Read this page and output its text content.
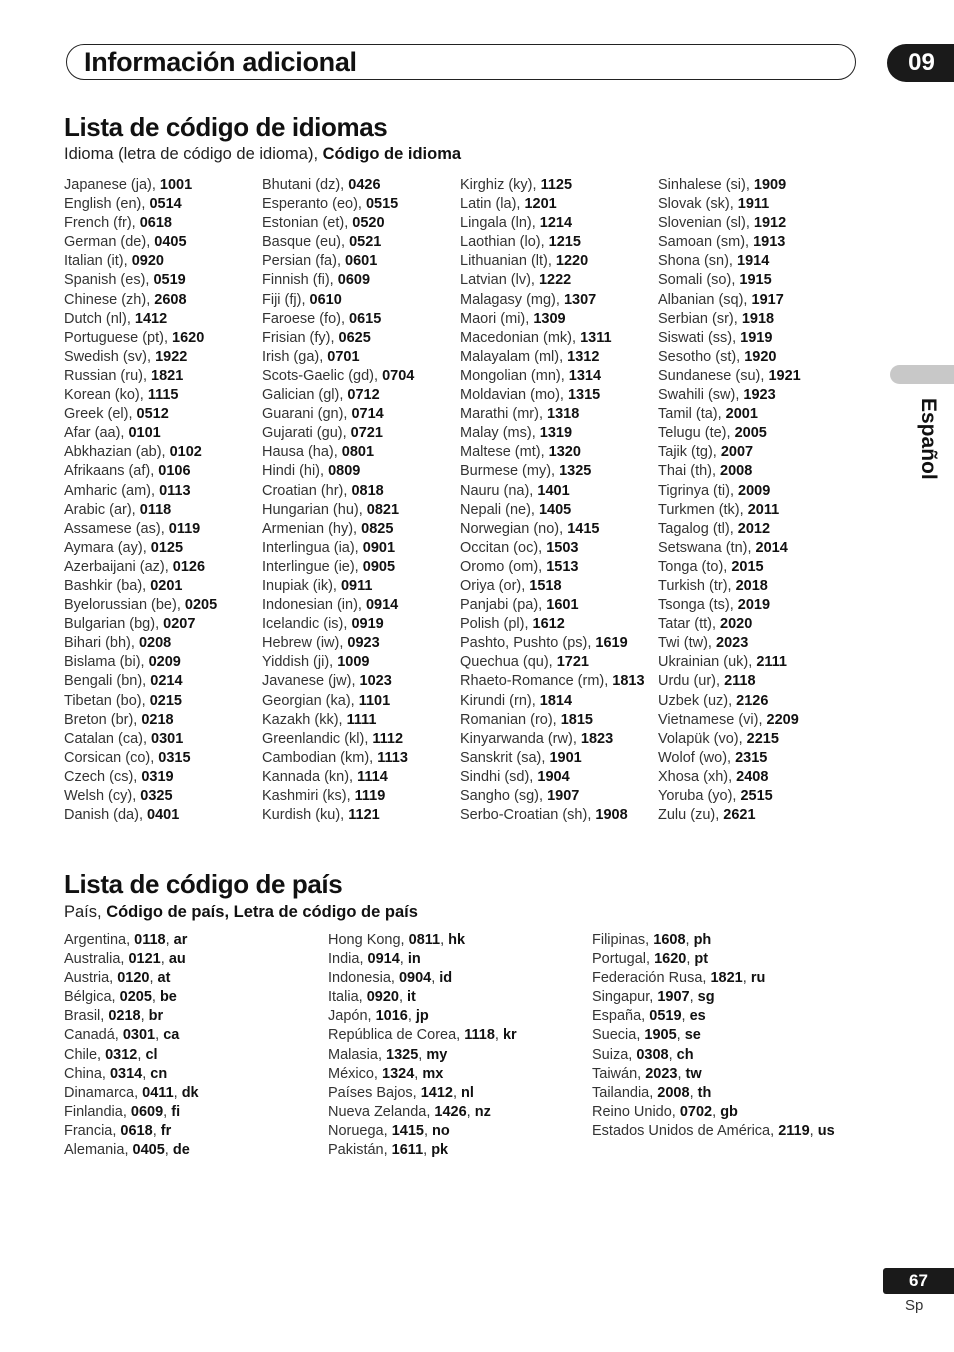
Información adicional	09
Español
Lista de código de idiomas

Idioma (letra de código de idioma), Código de idioma

Japanese (ja), 1001
English (en), 0514
French (fr), 0618
German (de), 0405
Italian (it), 0920
Spanish (es), 0519
Chinese (zh), 2608
Dutch (nl), 1412
Portuguese (pt), 1620
Swedish (sv), 1922
Russian (ru), 1821
Korean (ko), 1115
Greek (el), 0512
Afar (aa), 0101
Abkhazian (ab), 0102
Afrikaans (af), 0106
Amharic (am), 0113
Arabic (ar), 0118
Assamese (as), 0119
Aymara (ay), 0125
Azerbaijani (az), 0126
Bashkir (ba), 0201
Byelorussian (be), 0205
Bulgarian (bg), 0207
Bihari (bh), 0208
Bislama (bi), 0209
Bengali (bn), 0214
Tibetan (bo), 0215
Breton (br), 0218
Catalan (ca), 0301
Corsican (co), 0315
Czech (cs), 0319
Welsh (cy), 0325
Danish (da), 0401
Bhutani (dz), 0426
Esperanto (eo), 0515
Estonian (et), 0520
Basque (eu), 0521
Persian (fa), 0601
Finnish (fi), 0609
Fiji (fj), 0610
Faroese (fo), 0615
Frisian (fy), 0625
Irish (ga), 0701
Scots-Gaelic (gd), 0704
Galician (gl), 0712
Guarani (gn), 0714
Gujarati (gu), 0721
Hausa (ha), 0801
Hindi (hi), 0809
Croatian (hr), 0818
Hungarian (hu), 0821
Armenian (hy), 0825
Interlingua (ia), 0901
Interlingue (ie), 0905
Inupiak (ik), 0911
Indonesian (in), 0914
Icelandic (is), 0919
Hebrew (iw), 0923
Yiddish (ji), 1009
Javanese (jw), 1023
Georgian (ka), 1101
Kazakh (kk), 1111
Greenlandic (kl), 1112
Cambodian (km), 1113
Kannada (kn), 1114
Kashmiri (ks), 1119
Kurdish (ku), 1121
Kirghiz (ky), 1125
Latin (la), 1201
Lingala (ln), 1214
Laothian (lo), 1215
Lithuanian (lt), 1220
Latvian (lv), 1222
Malagasy (mg), 1307
Maori (mi), 1309
Macedonian (mk), 1311
Malayalam (ml), 1312
Mongolian (mn), 1314
Moldavian (mo), 1315
Marathi (mr), 1318
Malay (ms), 1319
Maltese (mt), 1320
Burmese (my), 1325
Nauru (na), 1401
Nepali (ne), 1405
Norwegian (no), 1415
Occitan (oc), 1503
Oromo (om), 1513
Oriya (or), 1518
Panjabi (pa), 1601
Polish (pl), 1612
Pashto, Pushto (ps), 1619
Quechua (qu), 1721
Rhaeto-Romance (rm), 1813
Kirundi (rn), 1814
Romanian (ro), 1815
Kinyarwanda (rw), 1823
Sanskrit (sa), 1901
Sindhi (sd), 1904
Sangho (sg), 1907
Serbo-Croatian (sh), 1908
Sinhalese (si), 1909
Slovak (sk), 1911
Slovenian (sl), 1912
Samoan (sm), 1913
Shona (sn), 1914
Somali (so), 1915
Albanian (sq), 1917
Serbian (sr), 1918
Siswati (ss), 1919
Sesotho (st), 1920
Sundanese (su), 1921
Swahili (sw), 1923
Tamil (ta), 2001
Telugu (te), 2005
Tajik (tg), 2007
Thai (th), 2008
Tigrinya (ti), 2009
Turkmen (tk), 2011
Tagalog (tl), 2012
Setswana (tn), 2014
Tonga (to), 2015
Turkish (tr), 2018
Tsonga (ts), 2019
Tatar (tt), 2020
Twi (tw), 2023
Ukrainian (uk), 2111
Urdu (ur), 2118
Uzbek (uz), 2126
Vietnamese (vi), 2209
Volapük (vo), 2215
Wolof (wo), 2315
Xhosa (xh), 2408
Yoruba (yo), 2515
Zulu (zu), 2621
Lista de código de país

País, Código de país, Letra de código de país

Argentina, 0118, ar
Australia, 0121, au
Austria, 0120, at
Bélgica, 0205, be
Brasil, 0218, br
Canadá, 0301, ca
Chile, 0312, cl
China, 0314, cn
Dinamarca, 0411, dk
Finlandia, 0609, fi
Francia, 0618, fr
Alemania, 0405, de
Hong Kong, 0811, hk
India, 0914, in
Indonesia, 0904, id
Italia, 0920, it
Japón, 1016, jp
República de Corea, 1118, kr
Malasia, 1325, my
México, 1324, mx
Países Bajos, 1412, nl
Nueva Zelanda, 1426, nz
Noruega, 1415, no
Pakistán, 1611, pk
Filipinas, 1608, ph
Portugal, 1620, pt
Federación Rusa, 1821, ru
Singapur, 1907, sg
España, 0519, es
Suecia, 1905, se
Suiza, 0308, ch
Taiwán, 2023, tw
Tailandia, 2008, th
Reino Unido, 0702, gb
Estados Unidos de América, 2119, us
67
Sp
